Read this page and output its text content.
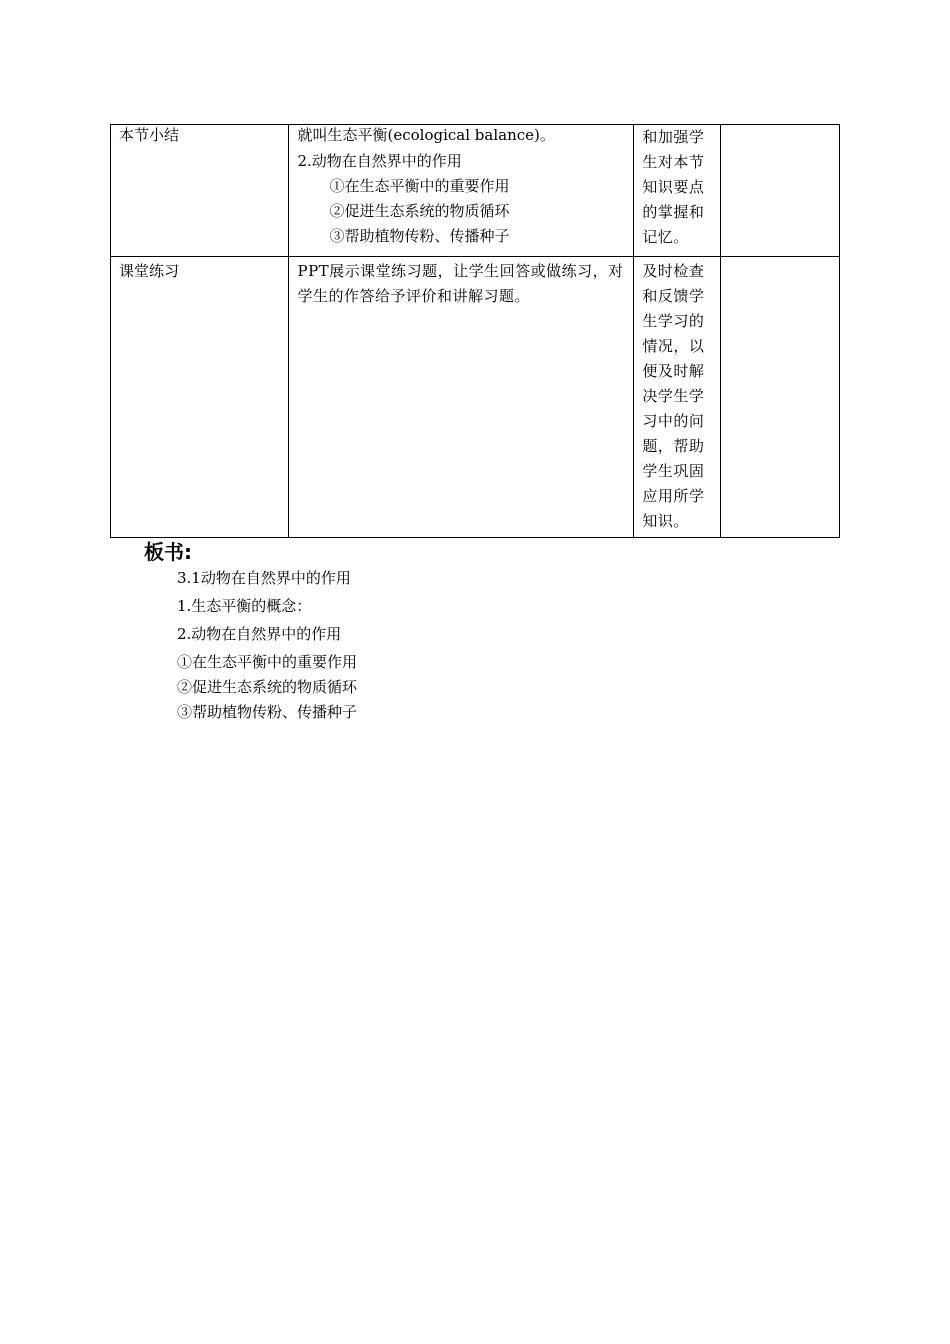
本节小结	就叫生态平衡(ecological balance)。
2.动物在自然界中的作用
①在生态平衡中的重要作用
②促进生态系统的物质循环
③帮助植物传粉、传播种子	和加强学生对本节知识要点的掌握和记忆。	

课堂练习	PPT展示课堂练习题，让学生回答或做练习，对学生的作答给予评价和讲解习题。	及时检查和反馈学生学习的情况，以便及时解决学生学习中的问题，帮助学生巩固应用所学知识。	

板书:
3.1动物在自然界中的作用
1.生态平衡的概念：
2.动物在自然界中的作用
①在生态平衡中的重要作用
②促进生态系统的物质循环
③帮助植物传粉、传播种子
